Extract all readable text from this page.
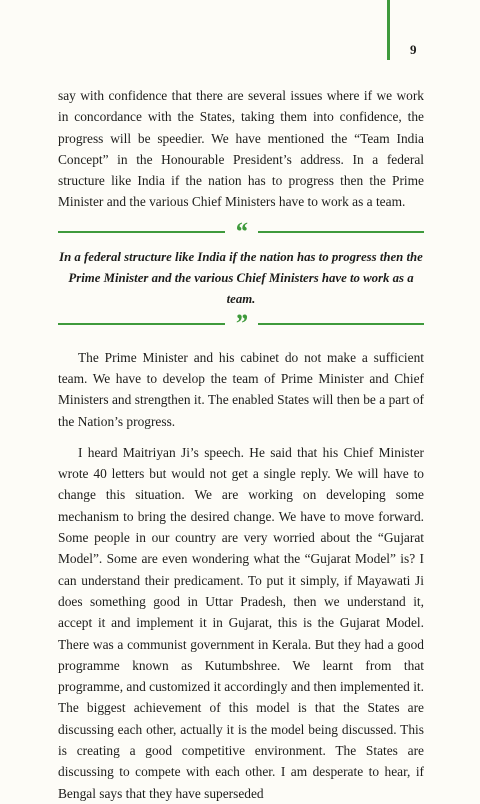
9

say with confidence that there are several issues where if we work in concordance with the States, taking them into confidence, the progress will be speedier. We have mentioned the “Team India Concept” in the Honourable President’s address. In a federal structure like India if the nation has to progress then the Prime Minister and the various Chief Ministers have to work as a team.

“

In a federal structure like India if the nation has to progress then the Prime Minister and the various Chief Ministers have to work as a team.

”

The Prime Minister and his cabinet do not make a sufficient team. We have to develop the team of Prime Minister and Chief Ministers and strengthen it. The enabled States will then be a part of the Nation’s progress.

I heard Maitriyan Ji’s speech. He said that his Chief Minister wrote 40 letters but would not get a single reply. We will have to change this situation. We are working on developing some mechanism to bring the desired change. We have to move forward. Some people in our country are very worried about the “Gujarat Model”. Some are even wondering what the “Gujarat Model” is? I can understand their predicament. To put it simply, if Mayawati Ji does something good in Uttar Pradesh, then we understand it, accept it and implement it in Gujarat, this is the Gujarat Model. There was a communist government in Kerala. But they had a good programme known as Kutumbshree. We learnt from that programme, and customized it accordingly and then implemented it. The biggest achievement of this model is that the States are discussing each other, actually it is the model being discussed. This is creating a good competitive environment. The States are discussing to compete with each other. I am desperate to hear, if Bengal says that they have superseded
